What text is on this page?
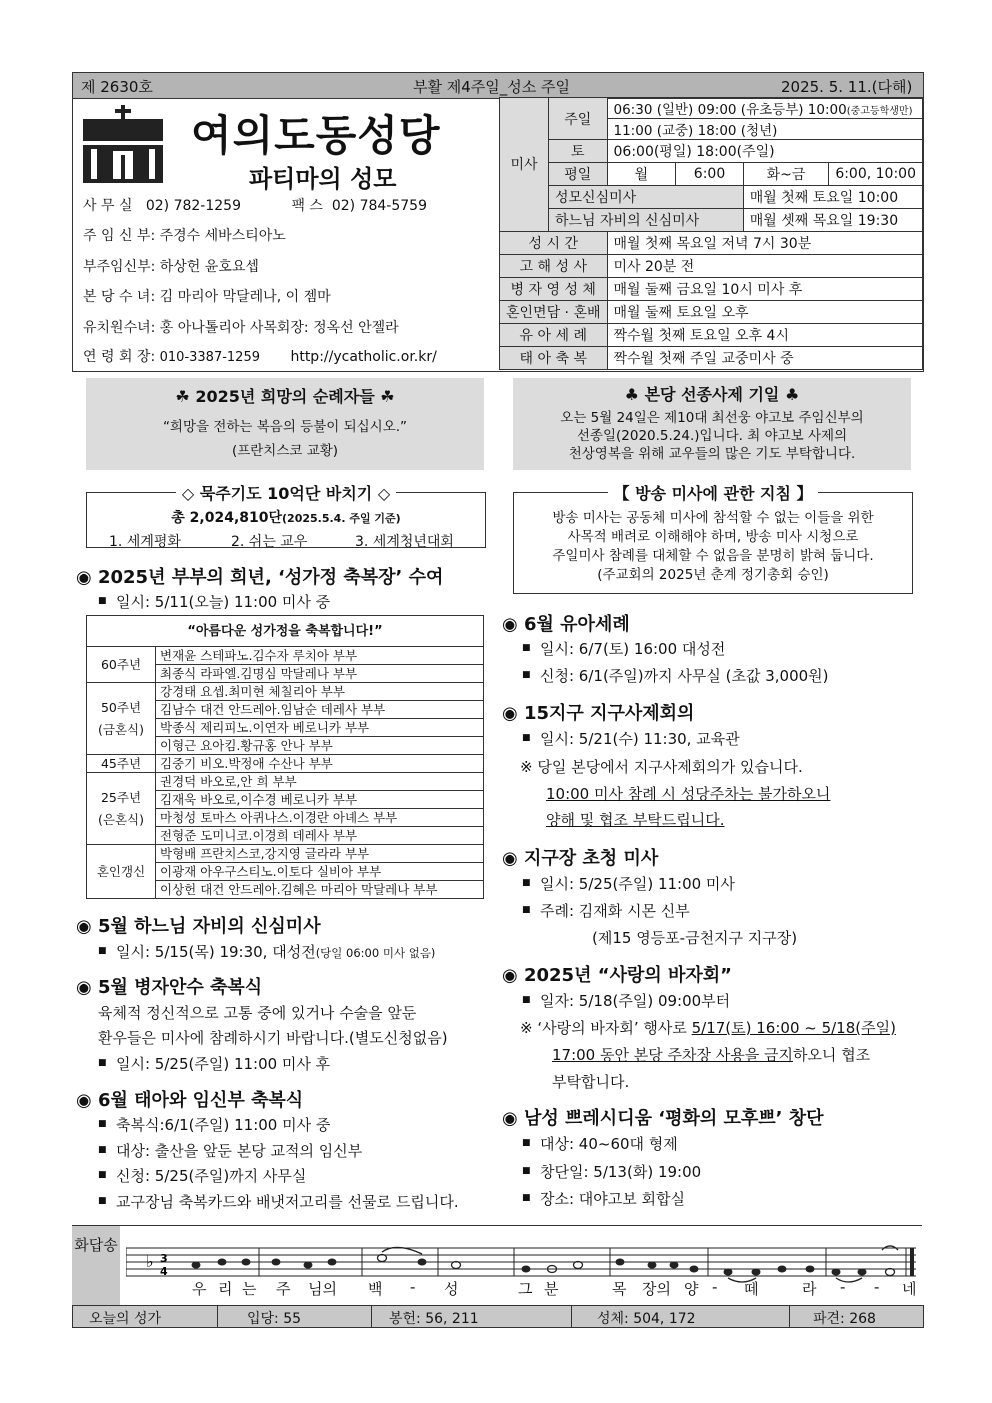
제 2630호	부활 제4주일_성소 주일	2025. 5. 11.(다해)
여의도동성당
파티마의 성모
사 무 실 02) 782-1259	팩 스 02) 784-5759
주 임 신 부: 주경수 세바스티아노
부주임신부: 하상헌 윤호요셉
본 당 수 녀: 김 마리아 막달레나, 이 젬마
유치원수녀: 홍 아나톨리아 사목회장: 정옥선 안젤라
연 령 회 장: 010-3387-1259 http://ycatholic.or.kr/
미사	주일	06:30 (일반) 09:00 (유초등부) 10:00(중고등학생만)			
		11:00 (교중) 18:00 (청년)			
	토	06:00(평일) 18:00(주일)			
	평일	월	6:00	화~금	6:00, 10:00
	성모신심미사			매월 첫째 토요일 10:00	
	하느님 자비의 신심미사			매월 셋째 목요일 19:30	
성 시 간		매월 첫째 목요일 저녁 7시 30분			
고 해 성 사		미사 20분 전			
병 자 영 성 체		매월 둘째 금요일 10시 미사 후			
혼인면담 · 혼배		매월 둘째 토요일 오후			
유 아 세 례		짝수월 첫째 토요일 오후 4시			
태 아 축 복		짝수월 첫째 주일 교중미사 중			
☘ 2025년 희망의 순례자들 ☘
“희망을 전하는 복음의 등불이 되십시오.”
(프란치스코 교황)
♣ 본당 선종사제 기일 ♣
오는 5월 24일은 제10대 최선웅 야고보 주임신부의
선종일(2020.5.24.)입니다. 최 야고보 사제의
천상영복을 위해 교우들의 많은 기도 부탁합니다.
◇ 묵주기도 10억단 바치기 ◇
총 2,024,810단(2025.5.4. 주일 기준)
1. 세계평화	2. 쉬는 교우	3. 세계청년대회
【 방송 미사에 관한 지침 】
방송 미사는 공동체 미사에 참석할 수 없는 이들을 위한
사목적 배려로 이해해야 하며, 방송 미사 시청으로
주일미사 참례를 대체할 수 없음을 분명히 밝혀 둡니다.
(주교회의 2025년 춘계 정기총회 승인)
◉ 2025년 부부의 희년, ‘성가정 축복장’ 수여
■ 일시: 5/11(오늘) 11:00 미사 중
“아름다운 성가정을 축복합니다!”	
60주년	변재윤 스테파노.김수자 루치아 부부
	최종식 라파엘.김명심 막달레나 부부
50주년
(금혼식)	강경태 요셉.최미현 체칠리아 부부
	김남수 대건 안드레아.임남순 데레사 부부
	박종식 제리피노.이연자 베로니카 부부
	이형근 요아킴.황규홍 안나 부부
45주년	김중기 비오.박정애 수산나 부부
25주년
(은혼식)	권경덕 바오로,안 희 부부
	김재욱 바오로,이수경 베로니카 부부
	마청성 토마스 아퀴나스.이경란 아녜스 부부
	전형준 도미니코.이경희 데레사 부부
혼인갱신	박형배 프란치스코,강지영 글라라 부부
	이광재 아우구스티노.이토다 실비아 부부
	이상헌 대건 안드레아.김혜은 마리아 막달레나 부부
◉ 5월 하느님 자비의 신심미사
■ 일시: 5/15(목) 19:30, 대성전(당일 06:00 미사 없음)
◉ 5월 병자안수 축복식
육체적 정신적으로 고통 중에 있거나 수술을 앞둔
환우들은 미사에 참례하시기 바랍니다.(별도신청없음)
■ 일시: 5/25(주일) 11:00 미사 후
◉ 6월 태아와 임신부 축복식
■ 축복식:6/1(주일) 11:00 미사 중
■ 대상: 출산을 앞둔 본당 교적의 임신부
■ 신청: 5/25(주일)까지 사무실
■ 교구장님 축복카드와 배냇저고리를 선물로 드립니다.
◉ 6월 유아세례
■ 일시: 6/7(토) 16:00 대성전
■ 신청: 6/1(주일)까지 사무실 (초값 3,000원)
◉ 15지구 지구사제회의
■ 일시: 5/21(수) 11:30, 교육관
※ 당일 본당에서 지구사제회의가 있습니다.
10:00 미사 참례 시 성당주차는 불가하오니
양해 및 협조 부탁드립니다.
◉ 지구장 초청 미사
■ 일시: 5/25(주일) 11:00 미사
■ 주례: 김재화 시몬 신부
(제15 영등포-금천지구 지구장)
◉ 2025년 “사랑의 바자회”
■ 일자: 5/18(주일) 09:00부터
※ ‘사랑의 바자회’ 행사로 5/17(토) 16:00 ~ 5/18(주일)
17:00 동안 본당 주차장 사용을 금지하오니 협조
부탁합니다.
◉ 남성 쁘레시디움 ‘평화의 모후쁘’ 창단
■ 대상: 40~60대 형제
■ 창단일: 5/13(화) 19:00
■ 장소: 대야고보 회합실
화답송
♭ 3
4
우 리 는 주 님의 백 - 성	그 분	목 장의 양 - 떼	라 - - 네
오늘의 성가	입당: 55	봉헌: 56, 211	성체: 504, 172	파견: 268
